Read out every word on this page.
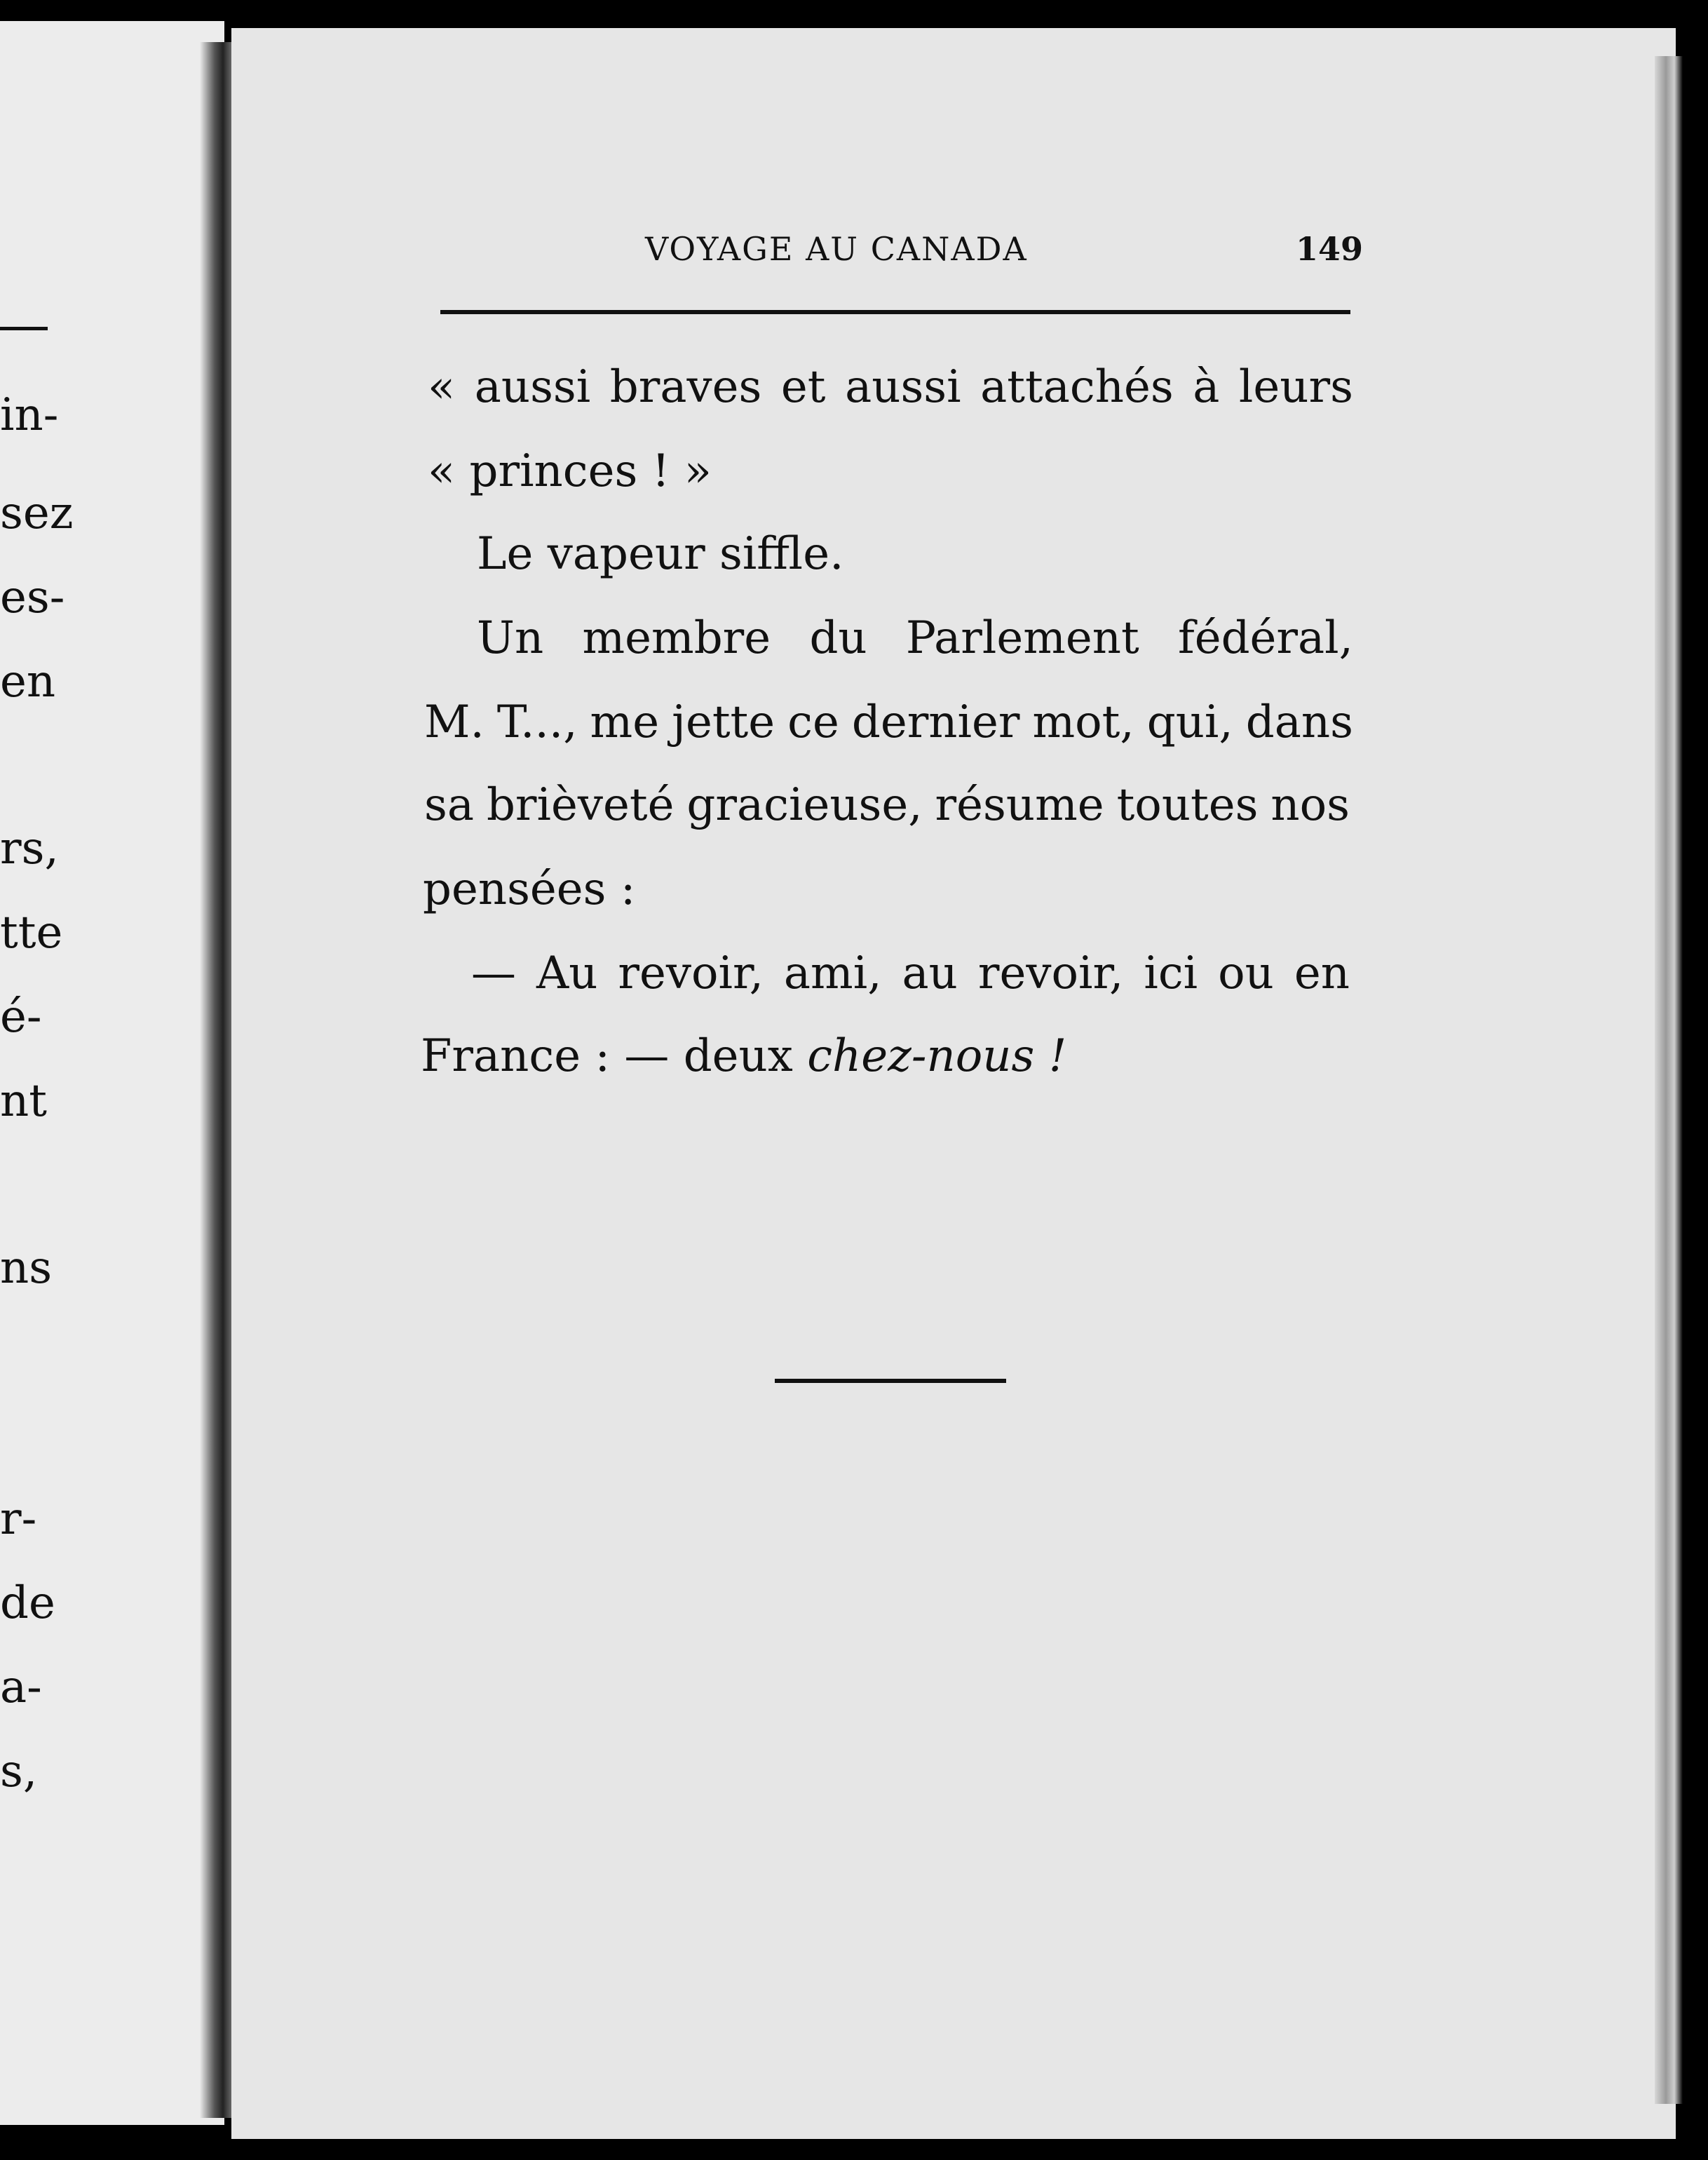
in-
sez
es-
en
rs,
tte
é-
nt
ns
r-
de
a-
s,
VOYAGE AU CANADA	149
« aussi braves et aussi attachés à leurs
« princes ! »
Le vapeur siffle.
Un membre du Parlement fédéral,
M. T..., me jette ce dernier mot, qui, dans
sa brièveté gracieuse, résume toutes nos
pensées :
— Au revoir, ami, au revoir, ici ou en
France : — deux chez-nous !
